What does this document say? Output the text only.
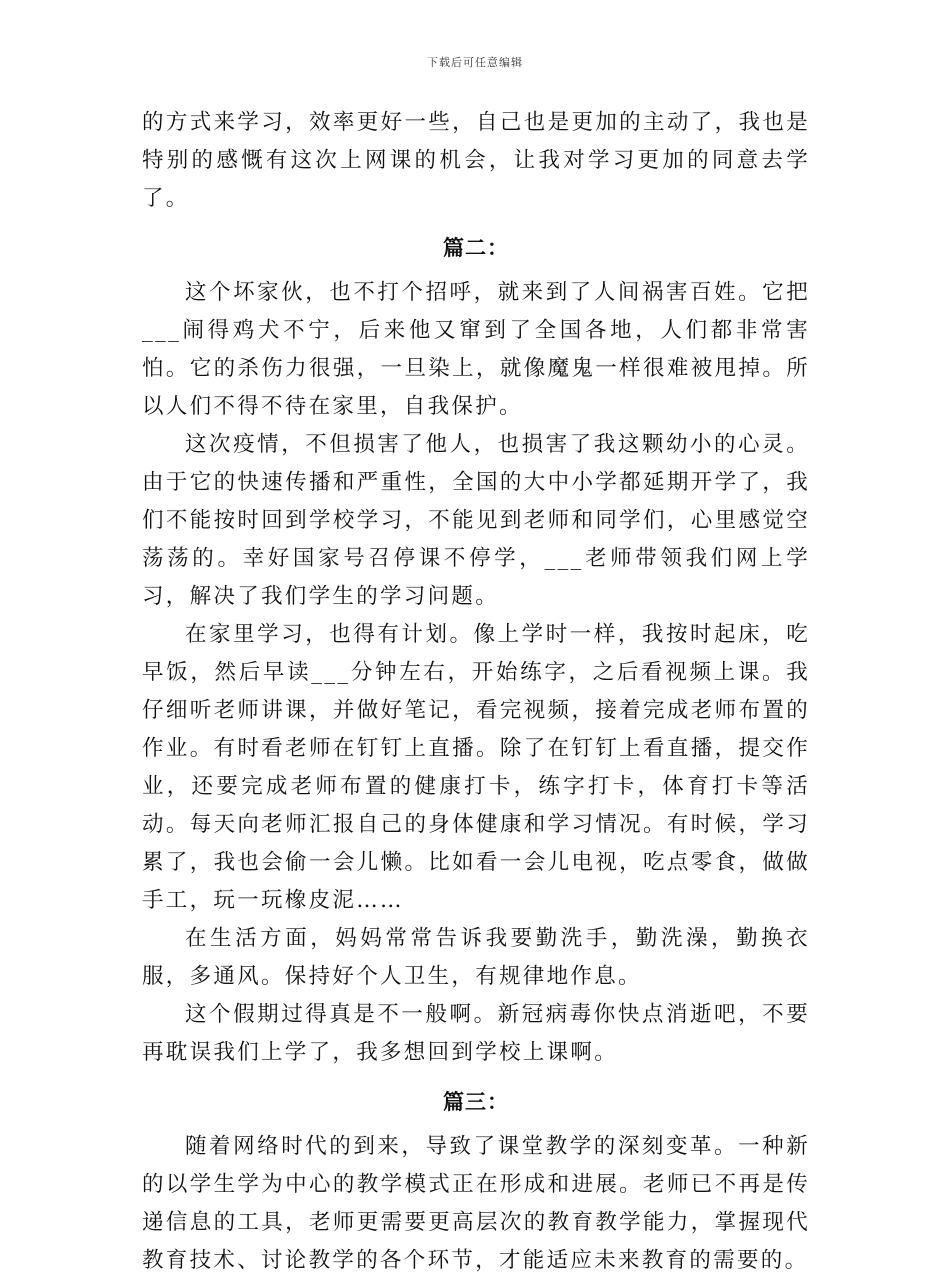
下载后可任意编辑

的方式来学习，效率更好一些，自己也是更加的主动了，我也是特别的感慨有这次上网课的机会，让我对学习更加的同意去学了。

篇二：

这个坏家伙，也不打个招呼，就来到了人间祸害百姓。它把___闹得鸡犬不宁，后来他又窜到了全国各地，人们都非常害怕。它的杀伤力很强，一旦染上，就像魔鬼一样很难被甩掉。所以人们不得不待在家里，自我保护。

这次疫情，不但损害了他人，也损害了我这颗幼小的心灵。由于它的快速传播和严重性，全国的大中小学都延期开学了，我们不能按时回到学校学习，不能见到老师和同学们，心里感觉空荡荡的。幸好国家号召停课不停学，___老师带领我们网上学习，解决了我们学生的学习问题。

在家里学习，也得有计划。像上学时一样，我按时起床，吃早饭，然后早读___分钟左右，开始练字，之后看视频上课。我仔细听老师讲课，并做好笔记，看完视频，接着完成老师布置的作业。有时看老师在钉钉上直播。除了在钉钉上看直播，提交作业，还要完成老师布置的健康打卡，练字打卡，体育打卡等活动。每天向老师汇报自己的身体健康和学习情况。有时候，学习累了，我也会偷一会儿懒。比如看一会儿电视，吃点零食，做做手工，玩一玩橡皮泥……

在生活方面，妈妈常常告诉我要勤洗手，勤洗澡，勤换衣服，多通风。保持好个人卫生，有规律地作息。

这个假期过得真是不一般啊。新冠病毒你快点消逝吧，不要再耽误我们上学了，我多想回到学校上课啊。

篇三：

随着网络时代的到来，导致了课堂教学的深刻变革。一种新的以学生学为中心的教学模式正在形成和进展。老师已不再是传递信息的工具，老师更需要更高层次的教育教学能力，掌握现代教育技术、讨论教学的各个环节，才能适应未来教育的需要的。
